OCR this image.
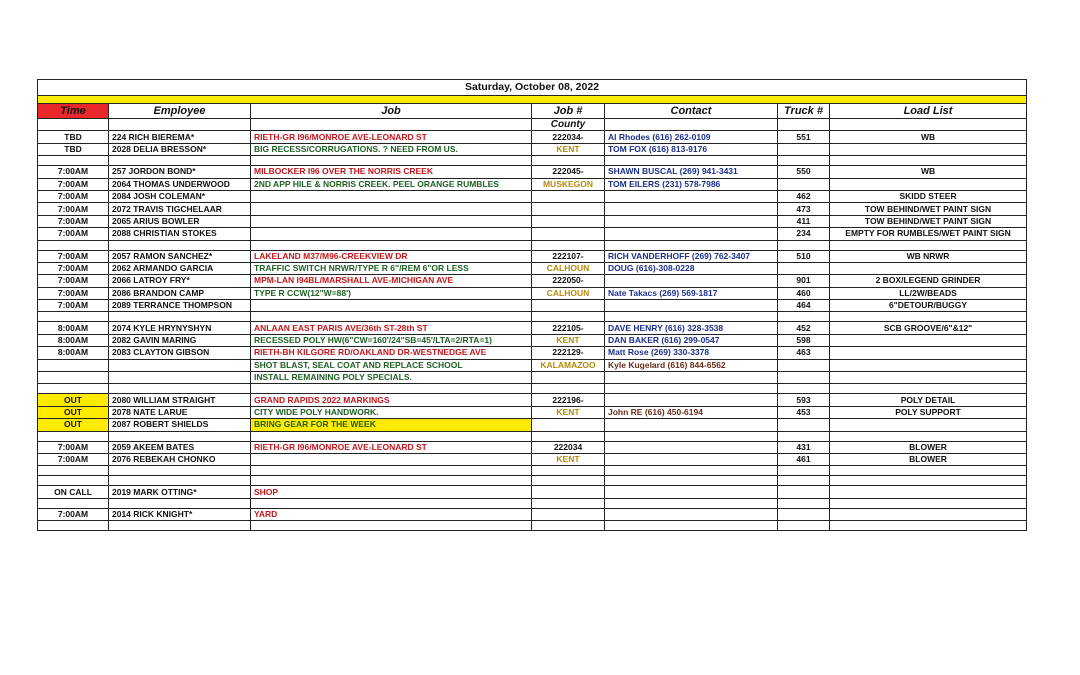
Saturday, October 08, 2022						

Time	Employee	Job	Job #	Contact	Truck #	Load List
			County			
TBD	224 RICH BIEREMA*	RIETH-GR I96/MONROE AVE-LEONARD ST	222034-	Al Rhodes (616) 262-0109	551	WB
TBD	2028 DELIA BRESSON*	BIG RECESS/CORRUGATIONS. ? NEED FROM US.	KENT	TOM FOX (616) 813-9176		

7:00AM	257 JORDON BOND*	MILBOCKER I96 OVER THE NORRIS CREEK	222045-	SHAWN BUSCAL (269) 941-3431	550	WB
7:00AM	2064 THOMAS UNDERWOOD	2ND APP HILE & NORRIS CREEK. PEEL ORANGE RUMBLES	MUSKEGON	TOM EILERS (231) 578-7986		
7:00AM	2084 JOSH COLEMAN*				462	SKIDD STEER
7:00AM	2072 TRAVIS TIGCHELAAR				473	TOW BEHIND/WET PAINT SIGN
7:00AM	2065 ARIUS BOWLER				411	TOW BEHIND/WET PAINT SIGN
7:00AM	2088 CHRISTIAN STOKES				234	EMPTY FOR RUMBLES/WET PAINT SIGN

7:00AM	2057 RAMON SANCHEZ*	LAKELAND M37/M96-CREEKVIEW DR	222107-	RICH VANDERHOFF (269) 762-3407	510	WB NRWR
7:00AM	2062 ARMANDO GARCIA	TRAFFIC SWITCH NRWR/TYPE R 6"/REM 6"OR LESS	CALHOUN	DOUG (616)-308-0228		
7:00AM	2066 LATROY FRY*	MPM-LAN I94BL/MARSHALL AVE-MICHIGAN AVE	222050-		901	2 BOX/LEGEND GRINDER
7:00AM	2086 BRANDON CAMP	TYPE R CCW(12"W=88')	CALHOUN	Nate Takacs (269) 569-1817	460	LL/2W/BEADS
7:00AM	2089 TERRANCE THOMPSON				464	6"DETOUR/BUGGY

8:00AM	2074 KYLE HRYNYSHYN	ANLAAN EAST PARIS AVE/36th ST-28th ST	222105-	DAVE HENRY (616) 328-3538	452	SCB GROOVE/6"&12"
8:00AM	2082 GAVIN MARING	RECESSED POLY HW(6"CW=160'/24"SB=45'/LTA=2/RTA=1)	KENT	DAN BAKER (616) 299-0547	598	
8:00AM	2083 CLAYTON GIBSON	RIETH-BH KILGORE RD/OAKLAND DR-WESTNEDGE AVE	222129-	Matt Rose (269) 330-3378	463	
		SHOT BLAST, SEAL COAT AND REPLACE SCHOOL	KALAMAZOO	Kyle Kugelard (616) 844-6562		
		INSTALL REMAINING POLY SPECIALS.				

OUT	2080 WILLIAM STRAIGHT	GRAND RAPIDS 2022 MARKINGS	222196-		593	POLY DETAIL
OUT	2078 NATE LARUE	CITY WIDE POLY HANDWORK.	KENT	John RE (616) 450-6194	453	POLY SUPPORT
OUT	2087 ROBERT SHIELDS	BRING GEAR FOR THE WEEK				

7:00AM	2059 AKEEM BATES	RIETH-GR I96/MONROE AVE-LEONARD ST	222034		431	BLOWER
7:00AM	2076 REBEKAH CHONKO		KENT		461	BLOWER

ON CALL	2019 MARK OTTING*	SHOP				

7:00AM	2014 RICK KNIGHT*	YARD				
